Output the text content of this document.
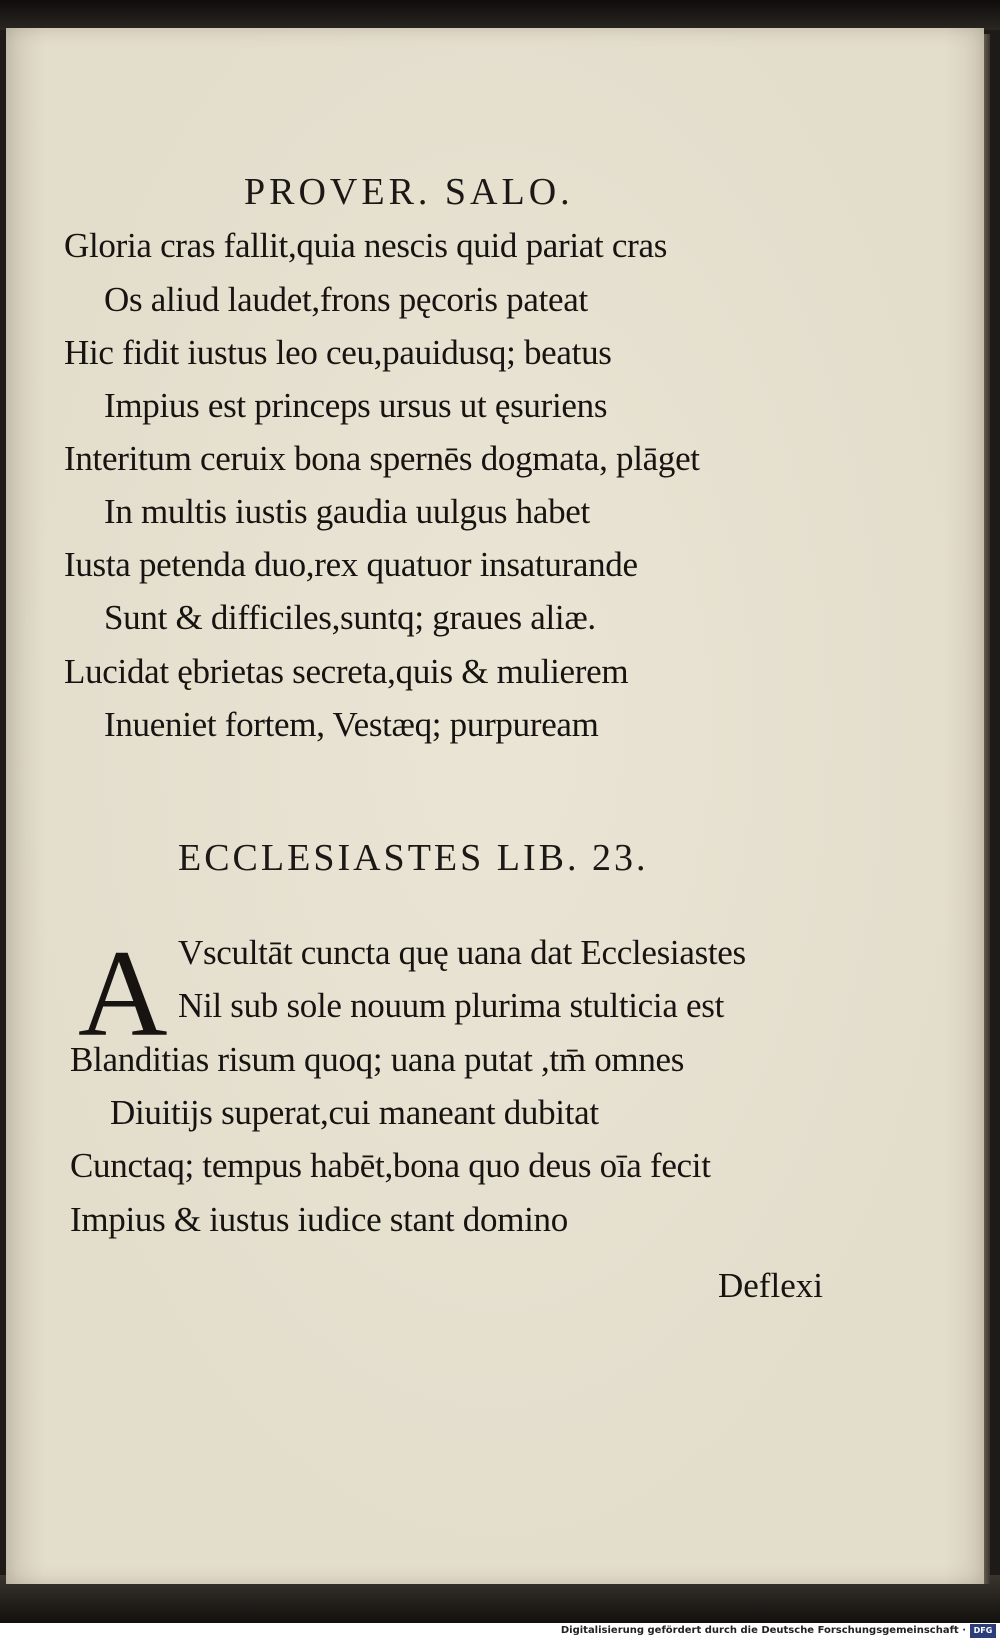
PROVER. SALO.
Gloria cras fallit,quia nescis quid pariat cras
Os aliud laudet,frons pęcoris pateat
Hic fidit iustus leo ceu,pauidusq; beatus
Impius est princeps ursus ut ęsuriens
Interitum ceruix bona spernēs dogmata, plāget
In multis iustis gaudia uulgus habet
Iusta petenda duo,rex quatuor insaturande
Sunt & difficiles,suntq; graues aliæ.
Lucidat ębrietas secreta,quis & mulierem
Inueniet fortem, Vestæq; purpuream
ECCLESIASTES LIB. 23.
A Vscultāt cuncta quę uana dat Ecclesiastes
Nil sub sole nouum plurima stulticia est
Blanditias risum quoq; uana putat ,tm̄ omnes
Diuitijs superat,cui maneant dubitat
Cunctaq; tempus habēt,bona quo deus oīa fecit
Impius & iustus iudice stant domino
Deflexi
Digitalisierung gefördert durch die Deutsche Forschungsgemeinschaft · DFG
